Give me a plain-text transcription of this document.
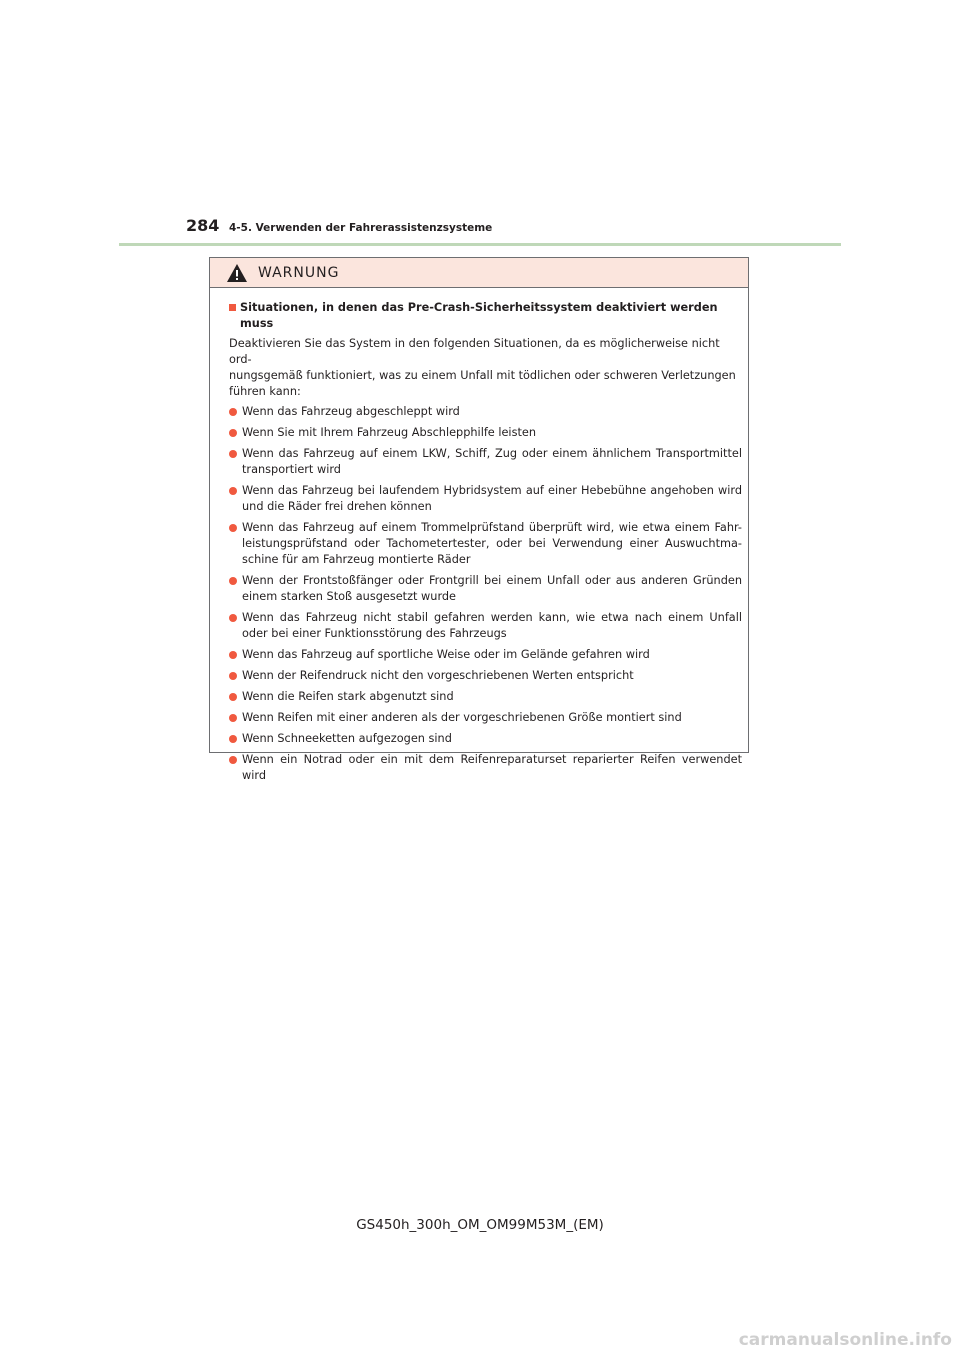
284 4-5. Verwenden der Fahrerassistenzsysteme
WARNUNG
Situationen, in denen das Pre-Crash-Sicherheitssystem deaktiviert werden muss

Deaktivieren Sie das System in den folgenden Situationen, da es möglicherweise nicht ord-
nungsgemäß funktioniert, was zu einem Unfall mit tödlichen oder schweren Verletzungen
führen kann:

Wenn das Fahrzeug abgeschleppt wird
Wenn Sie mit Ihrem Fahrzeug Abschlepphilfe leisten
Wenn das Fahrzeug auf einem LKW, Schiff, Zug oder einem ähnlichem Transportmittel transportiert wird
Wenn das Fahrzeug bei laufendem Hybridsystem auf einer Hebebühne angehoben wird und die Räder frei drehen können
Wenn das Fahrzeug auf einem Trommelprüfstand überprüft wird, wie etwa einem Fahr-leistungsprüfstand oder Tachometertester, oder bei Verwendung einer Auswuchtma-schine für am Fahrzeug montierte Räder
Wenn der Frontstoßfänger oder Frontgrill bei einem Unfall oder aus anderen Gründen einem starken Stoß ausgesetzt wurde
Wenn das Fahrzeug nicht stabil gefahren werden kann, wie etwa nach einem Unfall oder bei einer Funktionsstörung des Fahrzeugs
Wenn das Fahrzeug auf sportliche Weise oder im Gelände gefahren wird
Wenn der Reifendruck nicht den vorgeschriebenen Werten entspricht
Wenn die Reifen stark abgenutzt sind
Wenn Reifen mit einer anderen als der vorgeschriebenen Größe montiert sind
Wenn Schneeketten aufgezogen sind
Wenn ein Notrad oder ein mit dem Reifenreparaturset reparierter Reifen verwendet wird
GS450h_300h_OM_OM99M53M_(EM)
carmanualsonline.info
